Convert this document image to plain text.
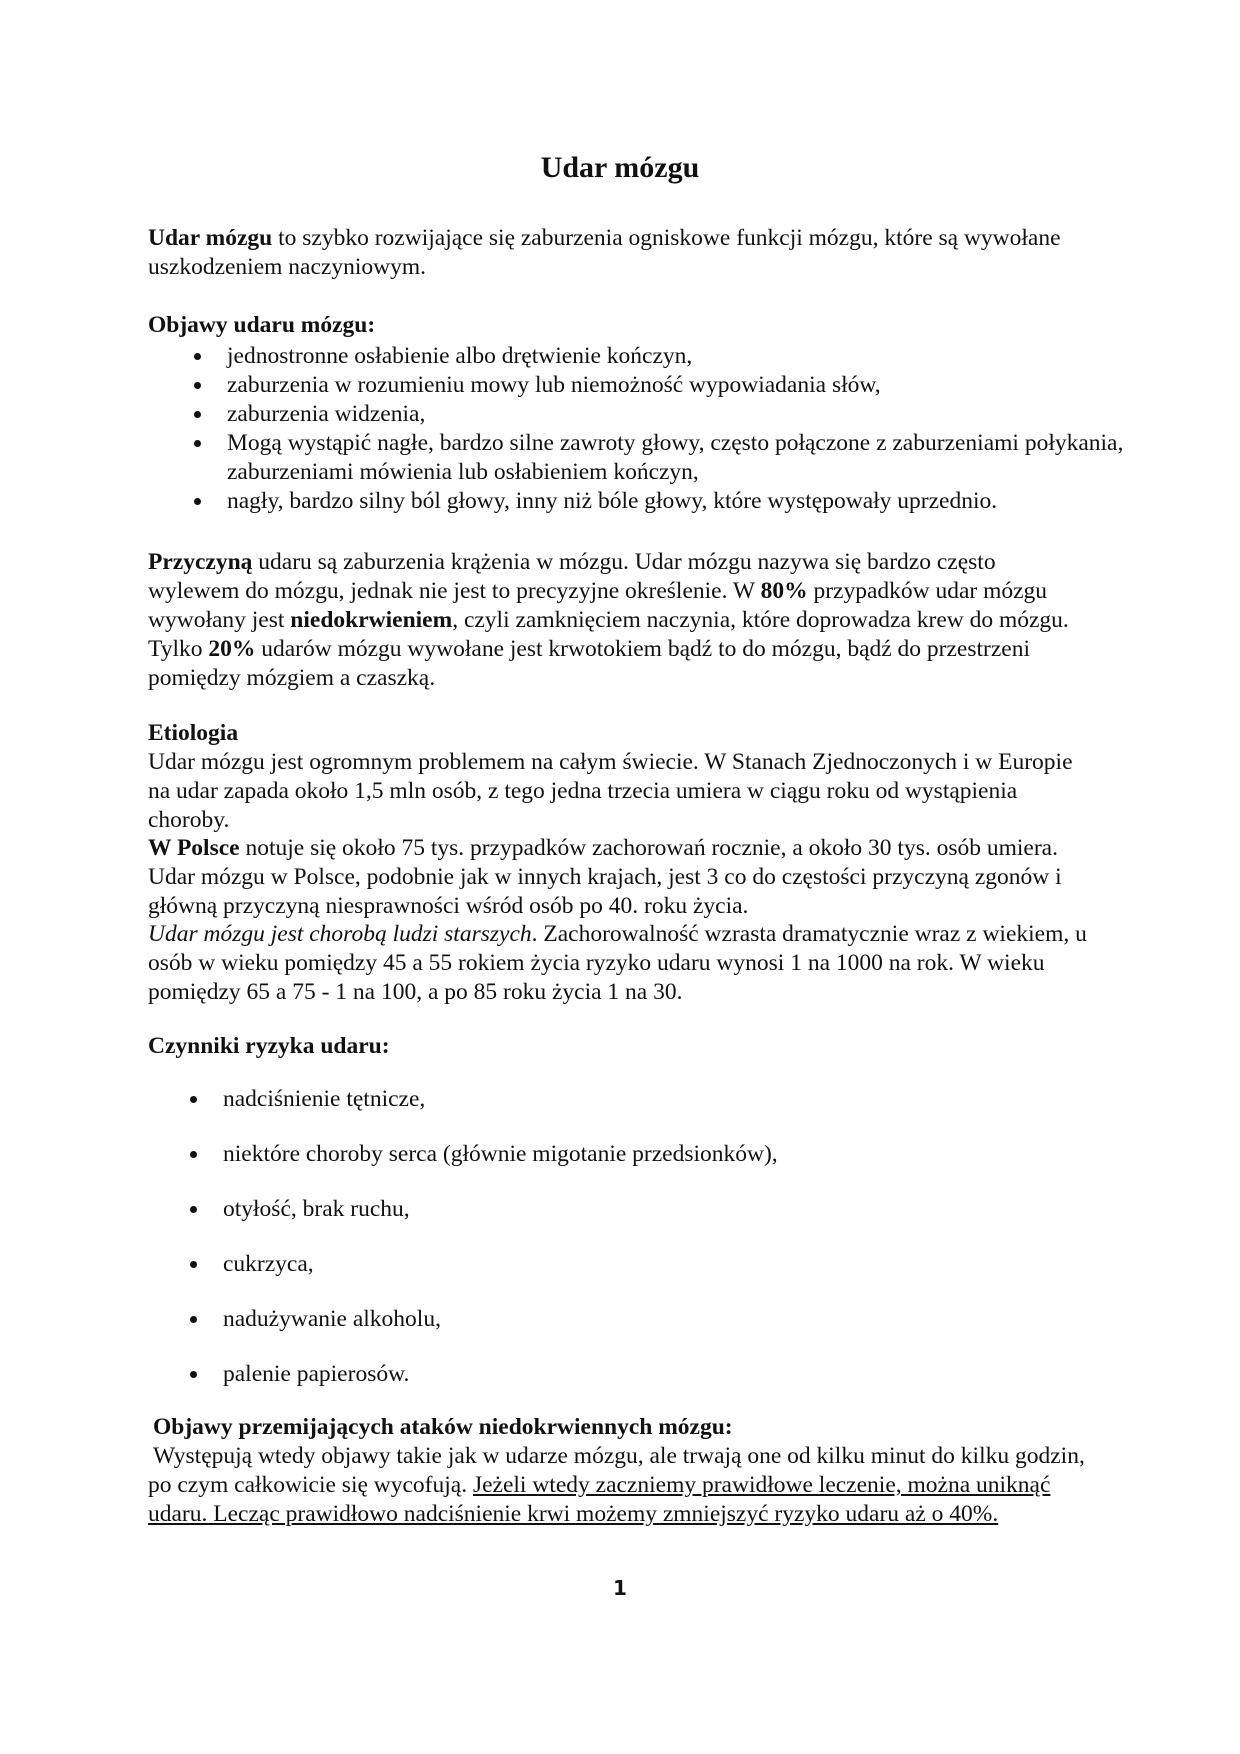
Udar mózgu

Udar mózgu to szybko rozwijające się zaburzenia ogniskowe funkcji mózgu, które są wywołane uszkodzeniem naczyniowym.

Objawy udaru mózgu:

jednostronne osłabienie albo drętwienie kończyn,
zaburzenia w rozumieniu mowy lub niemożność wypowiadania słów,
zaburzenia widzenia,
Mogą wystąpić nagłe, bardzo silne zawroty głowy, często połączone z zaburzeniami połykania, zaburzeniami mówienia lub osłabieniem kończyn,
nagły, bardzo silny ból głowy, inny niż bóle głowy, które występowały uprzednio.

Przyczyną udaru są zaburzenia krążenia w mózgu. Udar mózgu nazywa się bardzo często wylewem do mózgu, jednak nie jest to precyzyjne określenie. W 80% przypadków udar mózgu wywołany jest niedokrwieniem, czyli zamknięciem naczynia, które doprowadza krew do mózgu. Tylko 20% udarów mózgu wywołane jest krwotokiem bądź to do mózgu, bądź do przestrzeni pomiędzy mózgiem a czaszką.

Etiologia

Udar mózgu jest ogromnym problemem na całym świecie. W Stanach Zjednoczonych i w Europie na udar zapada około 1,5 mln osób, z tego jedna trzecia umiera w ciągu roku od wystąpienia choroby.

W Polsce notuje się około 75 tys. przypadków zachorowań rocznie, a około 30 tys. osób umiera. Udar mózgu w Polsce, podobnie jak w innych krajach, jest 3 co do częstości przyczyną zgonów i główną przyczyną niesprawności wśród osób po 40. roku życia.

Udar mózgu jest chorobą ludzi starszych. Zachorowalność wzrasta dramatycznie wraz z wiekiem, u osób w wieku pomiędzy 45 a 55 rokiem życia ryzyko udaru wynosi 1 na 1000 na rok. W wieku pomiędzy 65 a 75 - 1 na 100, a po 85 roku życia 1 na 30.

Czynniki ryzyka udaru:

nadciśnienie tętnicze,
niektóre choroby serca (głównie migotanie przedsionków),
otyłość, brak ruchu,
cukrzyca,
nadużywanie alkoholu,
palenie papierosów.

Objawy przemijających ataków niedokrwiennych mózgu:

Występują wtedy objawy takie jak w udarze mózgu, ale trwają one od kilku minut do kilku godzin, po czym całkowicie się wycofują. Jeżeli wtedy zaczniemy prawidłowe leczenie, można uniknąć udaru. Lecząc prawidłowo nadciśnienie krwi możemy zmniejszyć ryzyko udaru aż o 40%.

1
